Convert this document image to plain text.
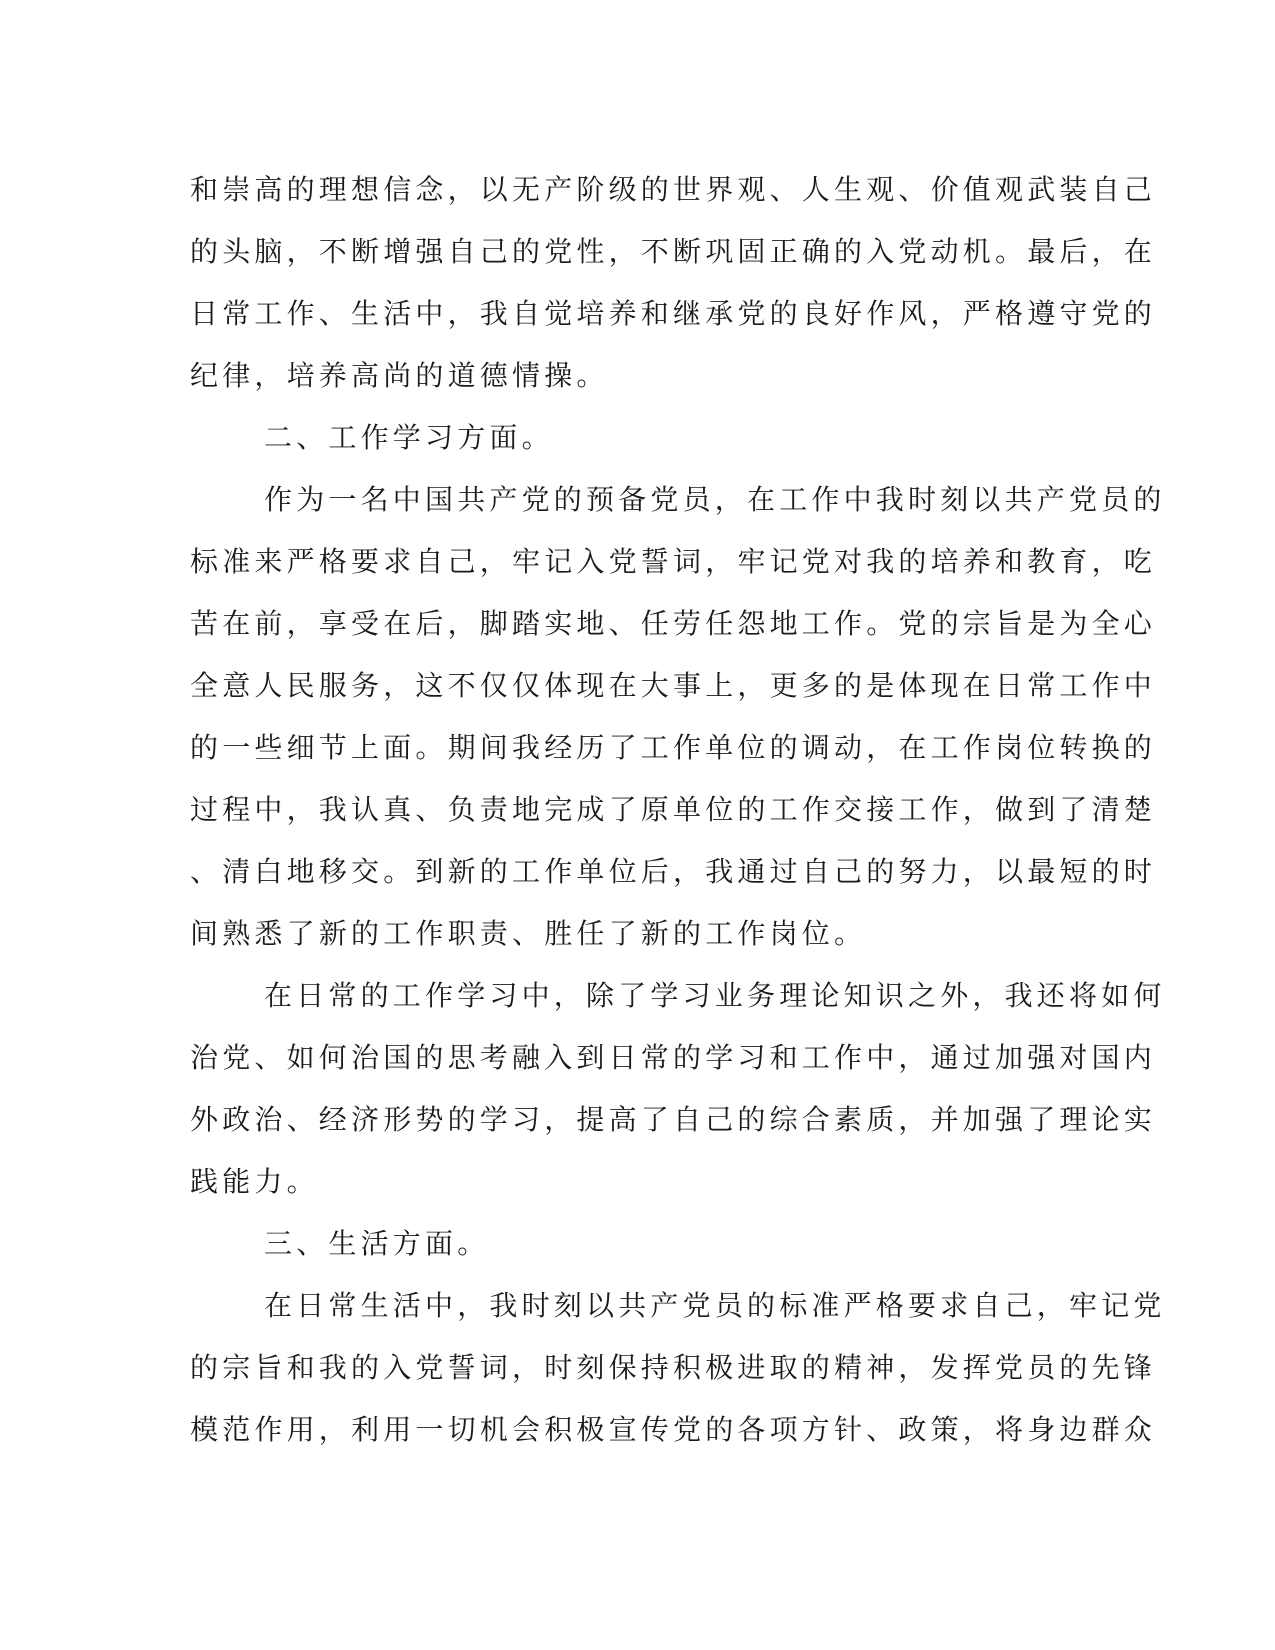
和崇高的理想信念，以无产阶级的世界观、人生观、价值观武装自己
的头脑，不断增强自己的党性，不断巩固正确的入党动机。最后，在
日常工作、生活中，我自觉培养和继承党的良好作风，严格遵守党的
纪律，培养高尚的道德情操。
二、工作学习方面。
作为一名中国共产党的预备党员，在工作中我时刻以共产党员的
标准来严格要求自己，牢记入党誓词，牢记党对我的培养和教育，吃
苦在前，享受在后，脚踏实地、任劳任怨地工作。党的宗旨是为全心
全意人民服务，这不仅仅体现在大事上，更多的是体现在日常工作中
的一些细节上面。期间我经历了工作单位的调动，在工作岗位转换的
过程中，我认真、负责地完成了原单位的工作交接工作，做到了清楚
、清白地移交。到新的工作单位后，我通过自己的努力，以最短的时
间熟悉了新的工作职责、胜任了新的工作岗位。
在日常的工作学习中，除了学习业务理论知识之外，我还将如何
治党、如何治国的思考融入到日常的学习和工作中，通过加强对国内
外政治、经济形势的学习，提高了自己的综合素质，并加强了理论实
践能力。
三、生活方面。
在日常生活中，我时刻以共产党员的标准严格要求自己，牢记党
的宗旨和我的入党誓词，时刻保持积极进取的精神，发挥党员的先锋
模范作用，利用一切机会积极宣传党的各项方针、政策，将身边群众
